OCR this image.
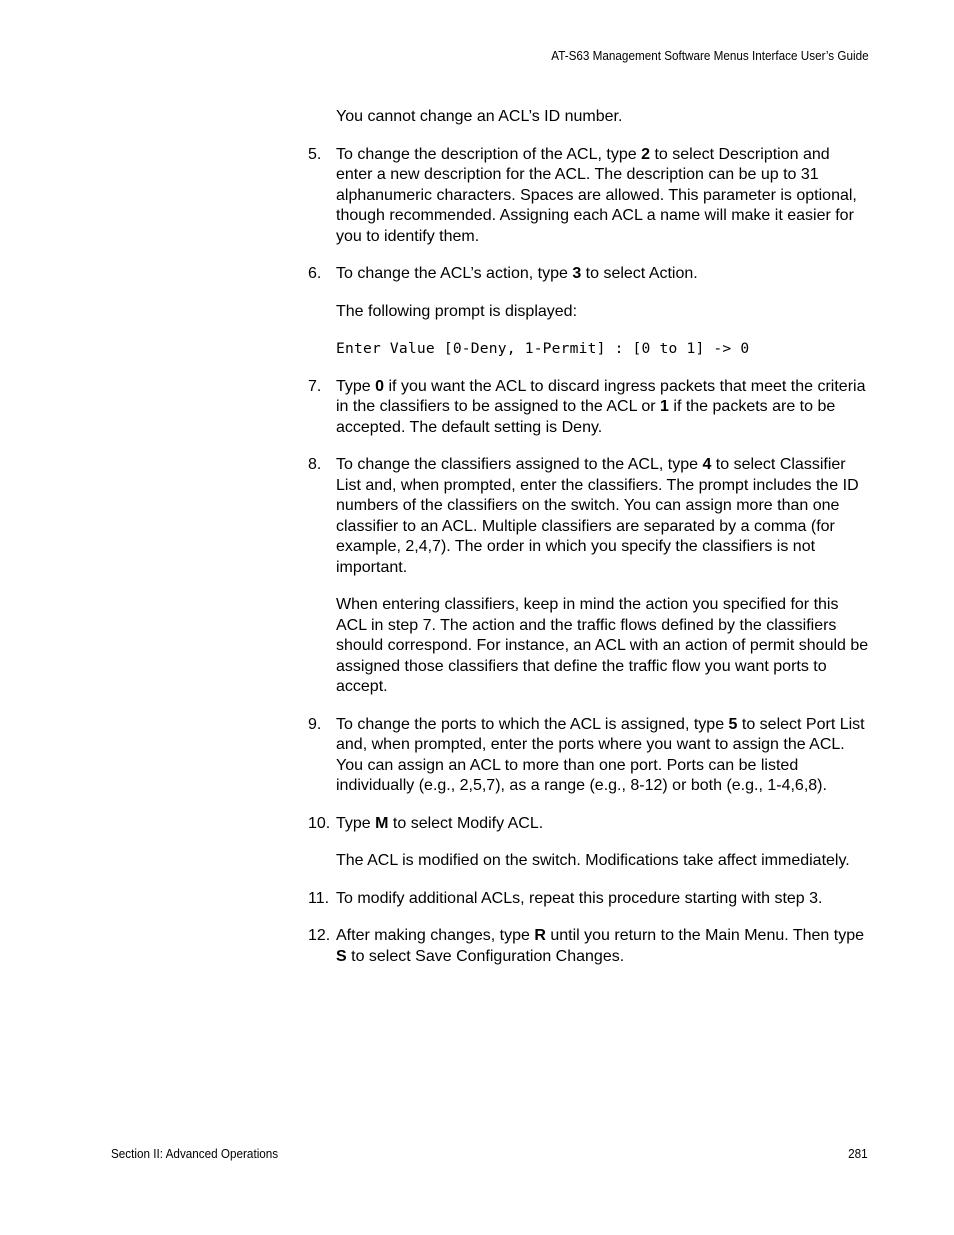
AT-S63 Management Software Menus Interface User’s Guide

You cannot change an ACL’s ID number.

5. To change the description of the ACL, type 2 to select Description and enter a new description for the ACL. The description can be up to 31 alphanumeric characters. Spaces are allowed. This parameter is optional, though recommended. Assigning each ACL a name will make it easier for you to identify them.
6. To change the ACL’s action, type 3 to select Action.

The following prompt is displayed:

Enter Value [0-Deny, 1-Permit] : [0 to 1] -> 0
7. Type 0 if you want the ACL to discard ingress packets that meet the criteria in the classifiers to be assigned to the ACL or 1 if the packets are to be accepted. The default setting is Deny.
8. To change the classifiers assigned to the ACL, type 4 to select Classifier List and, when prompted, enter the classifiers. The prompt includes the ID numbers of the classifiers on the switch. You can assign more than one classifier to an ACL. Multiple classifiers are separated by a comma (for example, 2,4,7). The order in which you specify the classifiers is not important.

When entering classifiers, keep in mind the action you specified for this ACL in step 7. The action and the traffic flows defined by the classifiers should correspond. For instance, an ACL with an action of permit should be assigned those classifiers that define the traffic flow you want ports to accept.

9. To change the ports to which the ACL is assigned, type 5 to select Port List and, when prompted, enter the ports where you want to assign the ACL. You can assign an ACL to more than one port. Ports can be listed individually (e.g., 2,5,7), as a range (e.g., 8-12) or both (e.g., 1-4,6,8).
10. Type M to select Modify ACL.

The ACL is modified on the switch. Modifications take affect immediately.

11. To modify additional ACLs, repeat this procedure starting with step 3.
12. After making changes, type R until you return to the Main Menu. Then type S to select Save Configuration Changes.
Section II: Advanced Operations	281
